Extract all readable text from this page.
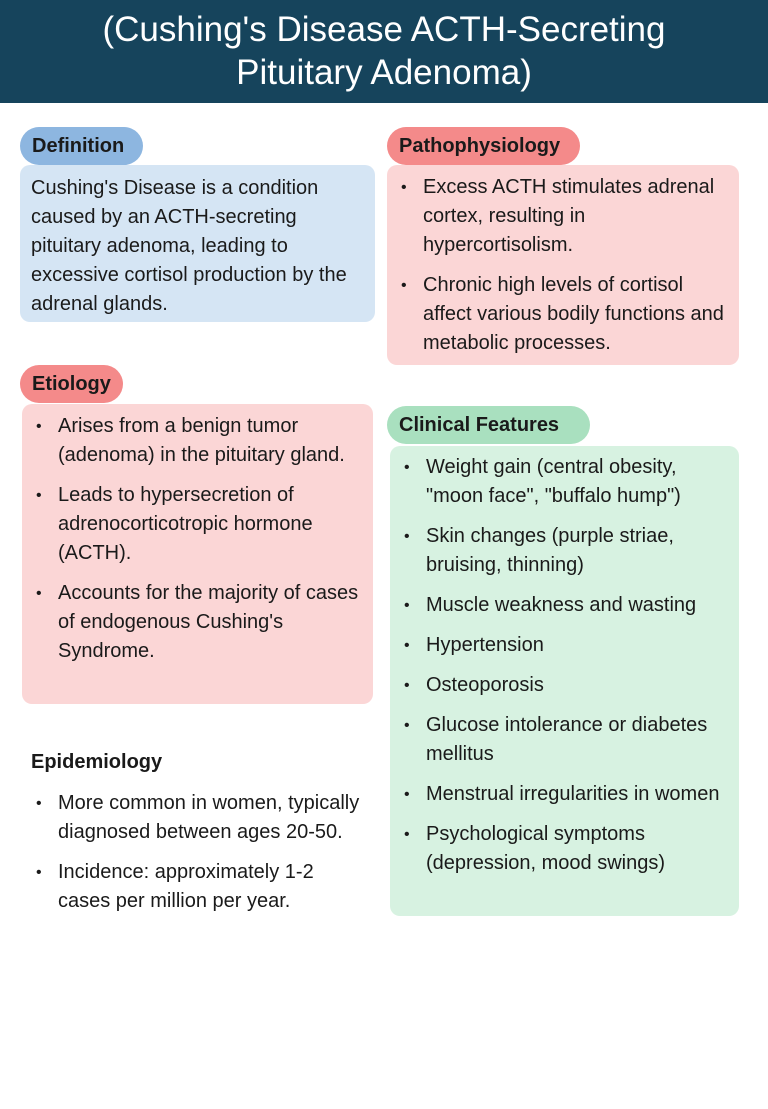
(Cushing's Disease ACTH-Secreting
Pituitary Adenoma)
Definition
Cushing's Disease is a condition caused by an ACTH-secreting pituitary adenoma, leading to excessive cortisol production by the adrenal glands.
Pathophysiology
• Excess ACTH stimulates adrenal cortex, resulting in hypercortisolism.
• Chronic high levels of cortisol affect various bodily functions and metabolic processes.
Etiology
• Arises from a benign tumor (adenoma) in the pituitary gland.
• Leads to hypersecretion of adrenocorticotropic hormone (ACTH).
• Accounts for the majority of cases of endogenous Cushing's Syndrome.
Clinical Features
• Weight gain (central obesity, "moon face", "buffalo hump")
• Skin changes (purple striae, bruising, thinning)
• Muscle weakness and wasting
• Hypertension
• Osteoporosis
• Glucose intolerance or diabetes mellitus
• Menstrual irregularities in women
• Psychological symptoms (depression, mood swings)
Epidemiology
• More common in women, typically diagnosed between ages 20-50.
• Incidence: approximately 1-2 cases per million per year.
